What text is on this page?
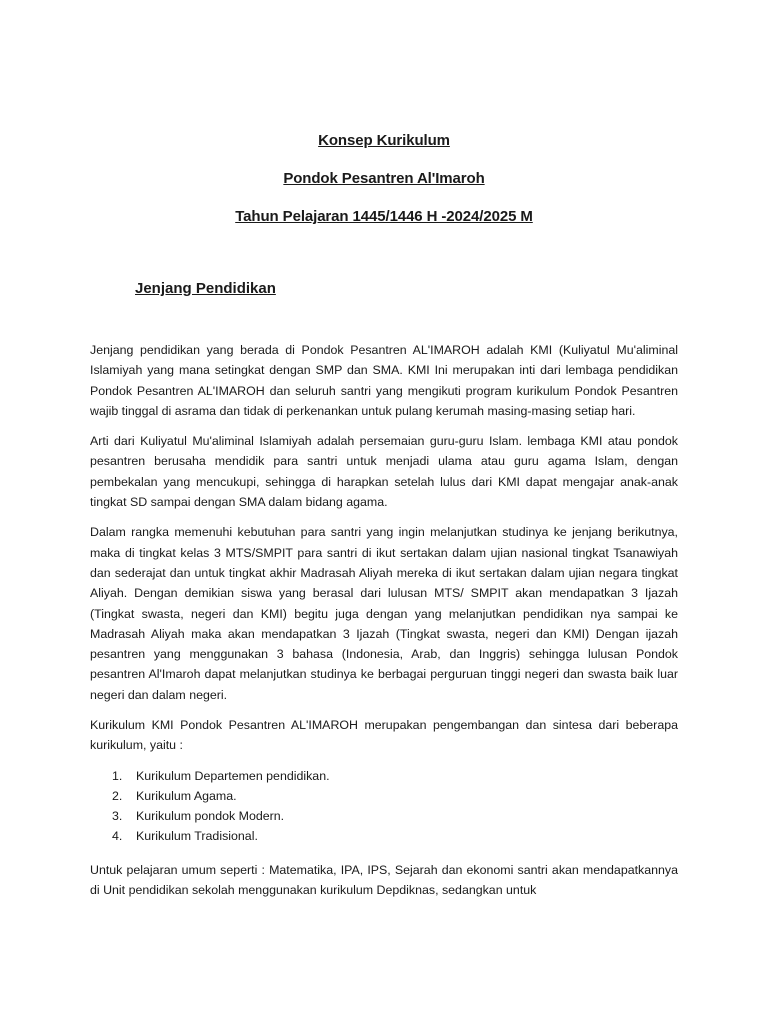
Konsep Kurikulum
Pondok Pesantren Al'Imaroh
Tahun Pelajaran 1445/1446 H -2024/2025 M
Jenjang Pendidikan

Jenjang pendidikan yang berada di Pondok Pesantren AL'IMAROH adalah KMI (Kuliyatul Mu'aliminal Islamiyah yang mana setingkat dengan SMP dan SMA. KMI Ini merupakan inti dari lembaga pendidikan Pondok Pesantren AL'IMAROH dan seluruh santri yang mengikuti program kurikulum Pondok Pesantren wajib tinggal di asrama dan tidak di perkenankan untuk pulang kerumah masing-masing setiap hari.

Arti dari Kuliyatul Mu'aliminal Islamiyah adalah persemaian guru-guru Islam. lembaga KMI atau pondok pesantren berusaha mendidik para santri untuk menjadi ulama atau guru agama Islam, dengan pembekalan yang mencukupi, sehingga di harapkan setelah lulus dari KMI dapat mengajar anak-anak tingkat SD sampai dengan SMA dalam bidang agama.

Dalam rangka memenuhi kebutuhan para santri yang ingin melanjutkan studinya ke jenjang berikutnya, maka di tingkat kelas 3 MTS/SMPIT para santri di ikut sertakan dalam ujian nasional tingkat Tsanawiyah dan sederajat dan untuk tingkat akhir Madrasah Aliyah mereka di ikut sertakan dalam ujian negara tingkat Aliyah. Dengan demikian siswa yang berasal dari lulusan MTS/ SMPIT akan mendapatkan 3 Ijazah (Tingkat swasta, negeri dan KMI) begitu juga dengan yang melanjutkan pendidikan nya sampai ke Madrasah Aliyah maka akan mendapatkan 3 Ijazah (Tingkat swasta, negeri dan KMI) Dengan ijazah pesantren yang menggunakan 3 bahasa (Indonesia, Arab, dan Inggris) sehingga lulusan Pondok pesantren Al'Imaroh dapat melanjutkan studinya ke berbagai perguruan tinggi negeri dan swasta baik luar negeri dan dalam negeri.

Kurikulum KMI Pondok Pesantren AL'IMAROH merupakan pengembangan dan sintesa dari beberapa kurikulum, yaitu :

1. Kurikulum Departemen pendidikan.
2. Kurikulum Agama.
3. Kurikulum pondok Modern.
4. Kurikulum Tradisional.

Untuk pelajaran umum seperti : Matematika, IPA, IPS, Sejarah dan ekonomi santri akan mendapatkannya di Unit pendidikan sekolah menggunakan kurikulum Depdiknas, sedangkan untuk
